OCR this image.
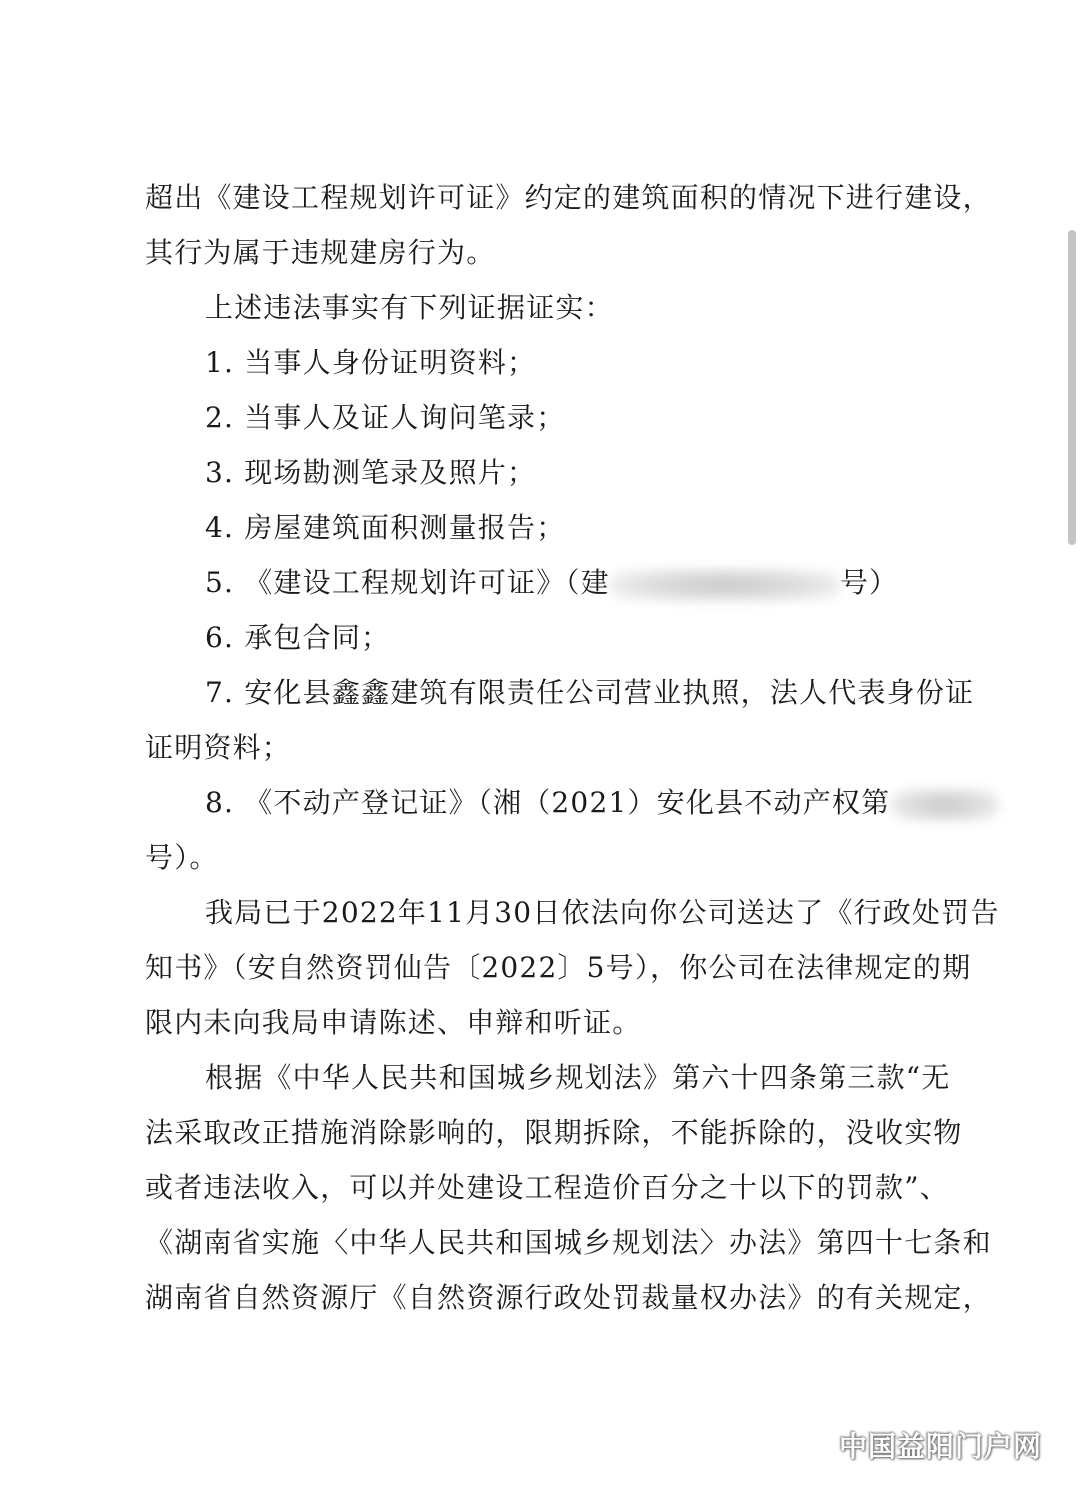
超出《建设工程规划许可证》约定的建筑面积的情况下进行建设，
其行为属于违规建房行为。
上述违法事实有下列证据证实：
1. 当事人身份证明资料；
2. 当事人及证人询问笔录；
3. 现场勘测笔录及照片；
4. 房屋建筑面积测量报告；
5. 《建设工程规划许可证》（建	号）
6. 承包合同；
7. 安化县鑫鑫建筑有限责任公司营业执照，法人代表身份证
证明资料；
8. 《不动产登记证》（湘（2021）安化县不动产权第
号）。
我局已于2022年11月30日依法向你公司送达了《行政处罚告
知书》（安自然资罚仙告〔2022〕5号），你公司在法律规定的期
限内未向我局申请陈述、申辩和听证。
根据《中华人民共和国城乡规划法》第六十四条第三款“无
法采取改正措施消除影响的，限期拆除，不能拆除的，没收实物
或者违法收入，可以并处建设工程造价百分之十以下的罚款”、
《湖南省实施〈中华人民共和国城乡规划法〉办法》第四十七条和
湖南省自然资源厅《自然资源行政处罚裁量权办法》的有关规定，
中国益阳门户网
